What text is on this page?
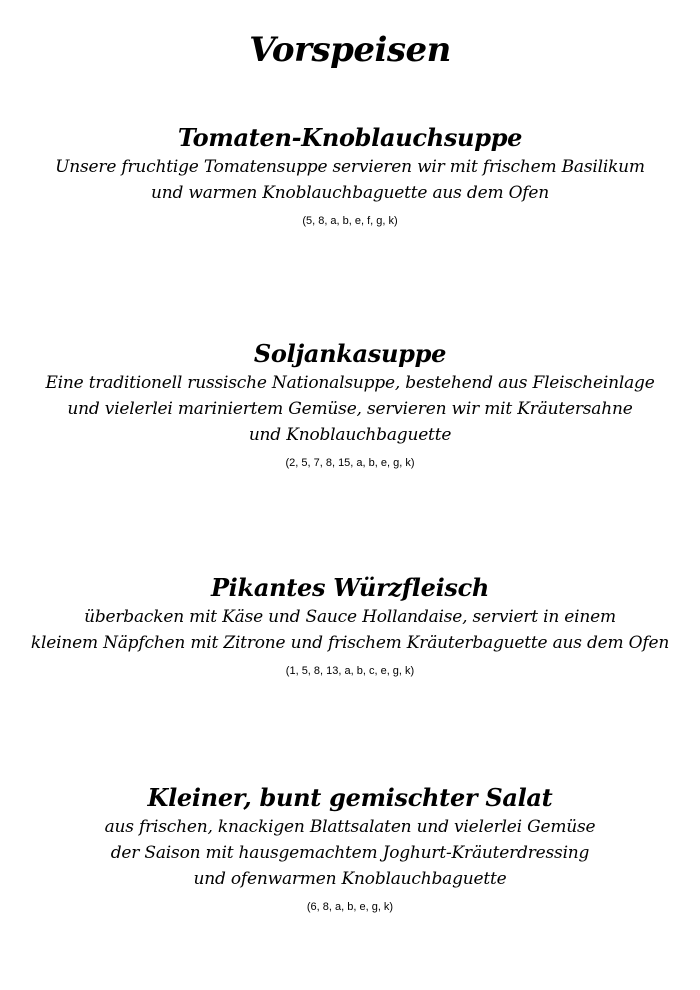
Vorspeisen
Tomaten-Knoblauchsuppe
Unsere fruchtige Tomatensuppe servieren wir mit frischem Basilikum
und warmen Knoblauchbaguette aus dem Ofen
(5, 8, a, b, e, f, g, k)
Soljankasuppe
Eine traditionell russische Nationalsuppe, bestehend aus Fleischeinlage
und vielerlei mariniertem Gemüse, servieren wir mit Kräutersahne
und Knoblauchbaguette
(2, 5, 7, 8, 15, a, b, e, g, k)
Pikantes Würzfleisch
überbacken mit Käse und Sauce Hollandaise, serviert in einem
kleinem Näpfchen mit Zitrone und frischem Kräuterbaguette aus dem Ofen
(1, 5, 8, 13, a, b, c, e, g, k)
Kleiner, bunt gemischter Salat
aus frischen, knackigen Blattsalaten und vielerlei Gemüse
der Saison mit hausgemachtem Joghurt-Kräuterdressing
und ofenwarmen Knoblauchbaguette
(6, 8, a, b, e, g, k)
